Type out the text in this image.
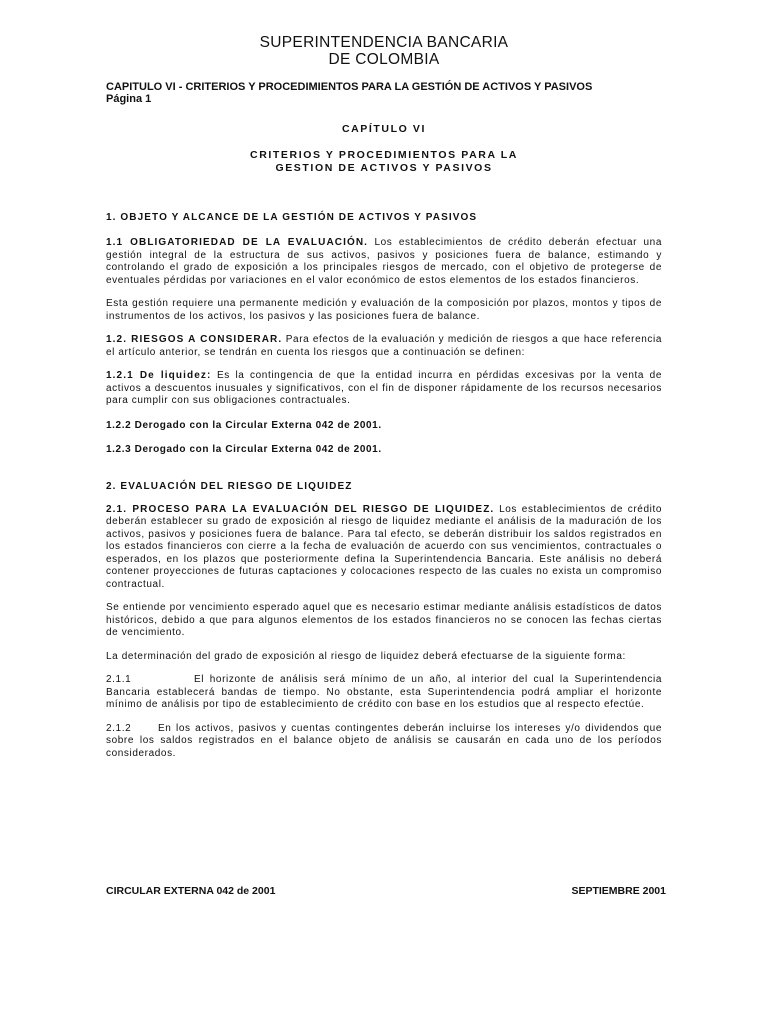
SUPERINTENDENCIA BANCARIA
DE COLOMBIA
CAPITULO VI - CRITERIOS Y PROCEDIMIENTOS PARA LA GESTIÓN DE ACTIVOS Y PASIVOS
Página 1
CAPÍTULO VI
CRITERIOS Y PROCEDIMIENTOS PARA LA
GESTION DE ACTIVOS Y PASIVOS
1. OBJETO Y ALCANCE DE LA GESTIÓN DE ACTIVOS Y PASIVOS

1.1 OBLIGATORIEDAD DE LA EVALUACIÓN. Los establecimientos de crédito deberán efectuar una gestión integral de la estructura de sus activos, pasivos y posiciones fuera de balance, estimando y controlando el grado de exposición a los principales riesgos de mercado, con el objetivo de protegerse de eventuales pérdidas por variaciones en el valor económico de estos elementos de los estados financieros.

Esta gestión requiere una permanente medición y evaluación de la composición por plazos, montos y tipos de instrumentos de los activos, los pasivos y las posiciones fuera de balance.

1.2. RIESGOS A CONSIDERAR. Para efectos de la evaluación y medición de riesgos a que hace referencia el artículo anterior, se tendrán en cuenta los riesgos que a continuación se definen:

1.2.1 De liquidez: Es la contingencia de que la entidad incurra en pérdidas excesivas por la venta de activos a descuentos inusuales y significativos, con el fin de disponer rápidamente de los recursos necesarios para cumplir con sus obligaciones contractuales.

1.2.2 Derogado con la Circular Externa 042 de 2001.

1.2.3 Derogado con la Circular Externa 042 de 2001.

2. EVALUACIÓN DEL RIESGO DE LIQUIDEZ

2.1. PROCESO PARA LA EVALUACIÓN DEL RIESGO DE LIQUIDEZ. Los establecimientos de crédito deberán establecer su grado de exposición al riesgo de liquidez mediante el análisis de la maduración de los activos, pasivos y posiciones fuera de balance. Para tal efecto, se deberán distribuir los saldos registrados en los estados financieros con cierre a la fecha de evaluación de acuerdo con sus vencimientos, contractuales o esperados, en los plazos que posteriormente defina la Superintendencia Bancaria. Este análisis no deberá contener proyecciones de futuras captaciones y colocaciones respecto de las cuales no exista un compromiso contractual.

Se entiende por vencimiento esperado aquel que es necesario estimar mediante análisis estadísticos de datos históricos, debido a que para algunos elementos de los estados financieros no se conocen las fechas ciertas de vencimiento.

La determinación del grado de exposición al riesgo de liquidez deberá efectuarse de la siguiente forma:

2.1.1	El horizonte de análisis será mínimo de un año, al interior del cual la Superintendencia Bancaria establecerá bandas de tiempo. No obstante, esta Superintendencia podrá ampliar el horizonte mínimo de análisis por tipo de establecimiento de crédito con base en los estudios que al respecto efectúe.

2.1.2	En los activos, pasivos y cuentas contingentes deberán incluirse los intereses y/o dividendos que sobre los saldos registrados en el balance objeto de análisis se causarán en cada uno de los períodos considerados.

CIRCULAR EXTERNA 042 de 2001	SEPTIEMBRE 2001
